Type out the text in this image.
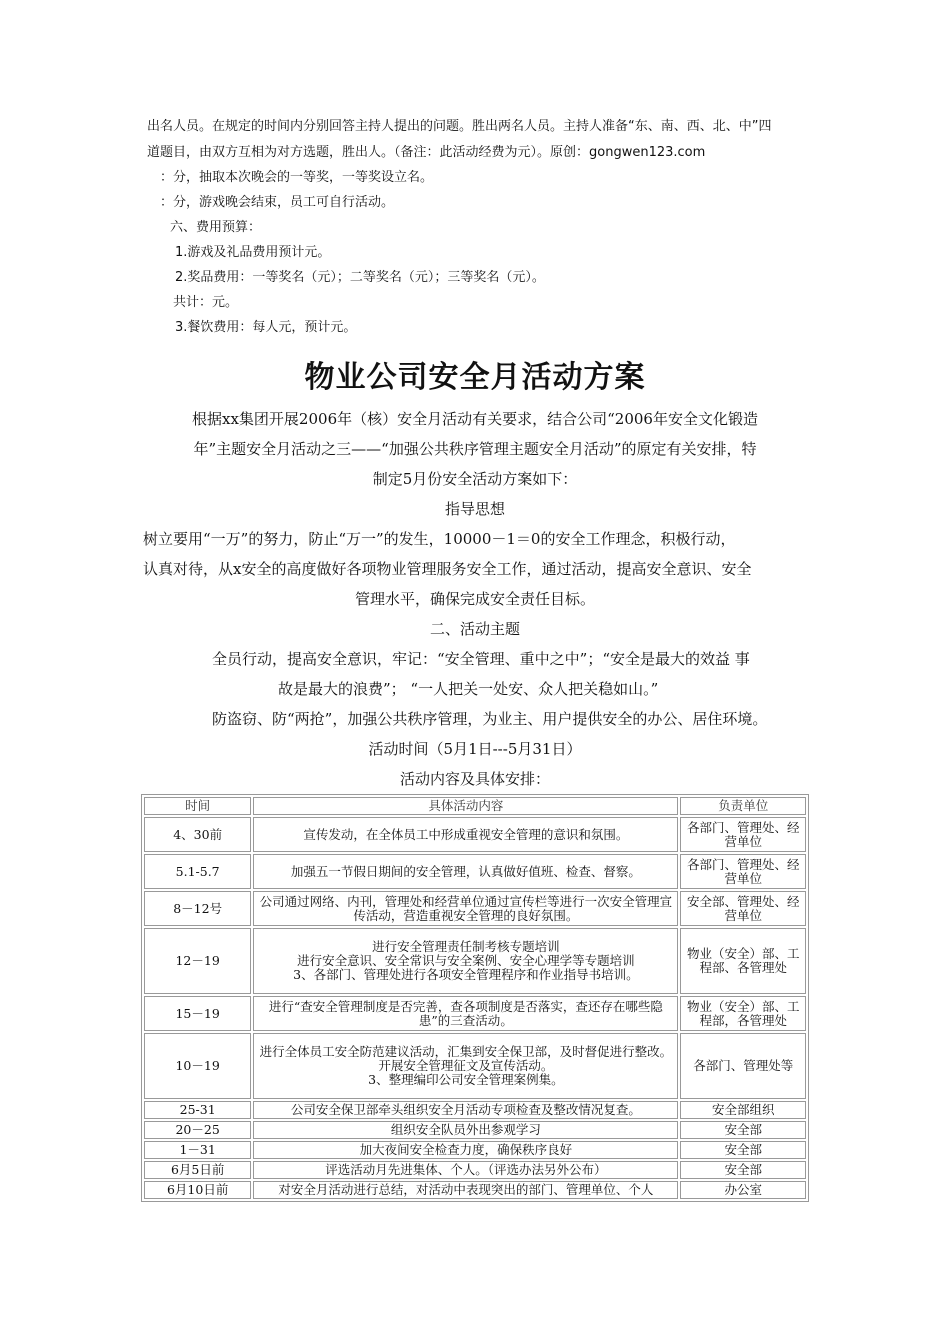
出名人员。在规定的时间内分别回答主持人提出的问题。胜出两名人员。主持人准备“东、南、西、北、中”四
道题目，由双方互相为对方选题，胜出人。（备注：此活动经费为元）。原创：gongwen123.com
：分，抽取本次晚会的一等奖，一等奖设立名。
：分，游戏晚会结束，员工可自行活动。
六、费用预算：
1.游戏及礼品费用预计元。
2.奖品费用：一等奖名（元）；二等奖名（元）；三等奖名（元）。
共计：元。
3.餐饮费用：每人元，预计元。
物业公司安全月活动方案
根据xx集团开展2006年（核）安全月活动有关要求，结合公司“2006年安全文化锻造
年”主题安全月活动之三——“加强公共秩序管理主题安全月活动”的原定有关安排，特
制定5月份安全活动方案如下：
指导思想
树立要用“一万”的努力，防止“万一”的发生，10000－1＝0的安全工作理念，积极行动，
认真对待，从x安全的高度做好各项物业管理服务安全工作，通过活动，提高安全意识、安全
管理水平，确保完成安全责任目标。
二、活动主题
全员行动，提高安全意识，牢记：“安全管理、重中之中”；“安全是最大的效益 事
故是最大的浪费”； “一人把关一处安、众人把关稳如山。”
防盗窃、防“两抢”，加强公共秩序管理，为业主、用户提供安全的办公、居住环境。
活动时间（5月1日---5月31日）
活动内容及具体安排：
时间	具体活动内容	负责单位
4、30前	宣传发动，在全体员工中形成重视安全管理的意识和氛围。	各部门、管理处、经营单位
5.1-5.7	加强五一节假日期间的安全管理，认真做好值班、检查、督察。	各部门、管理处、经营单位
8－12号	公司通过网络、内刊，管理处和经营单位通过宣传栏等进行一次安全管理宣传活动，营造重视安全管理的良好氛围。	安全部、管理处、经营单位
12－19	进行安全管理责任制考核专题培训
进行安全意识、安全常识与安全案例、安全心理学等专题培训
3、各部门、管理处进行各项安全管理程序和作业指导书培训。	物业（安全）部、工程部、各管理处
15－19	进行“查安全管理制度是否完善，查各项制度是否落实，查还存在哪些隐患”的三查活动。	物业（安全）部、工程部，各管理处
10－19	进行全体员工安全防范建议活动，汇集到安全保卫部，及时督促进行整改。
开展安全管理征文及宣传活动。
3、整理编印公司安全管理案例集。	各部门、管理处等
25-31	公司安全保卫部牵头组织安全月活动专项检查及整改情况复查。	安全部组织
20－25	组织安全队员外出参观学习	安全部
1－31	加大夜间安全检查力度，确保秩序良好	安全部
6月5日前	评选活动月先进集体、个人。（评选办法另外公布）	安全部
6月10日前	对安全月活动进行总结，对活动中表现突出的部门、管理单位、个人	办公室
